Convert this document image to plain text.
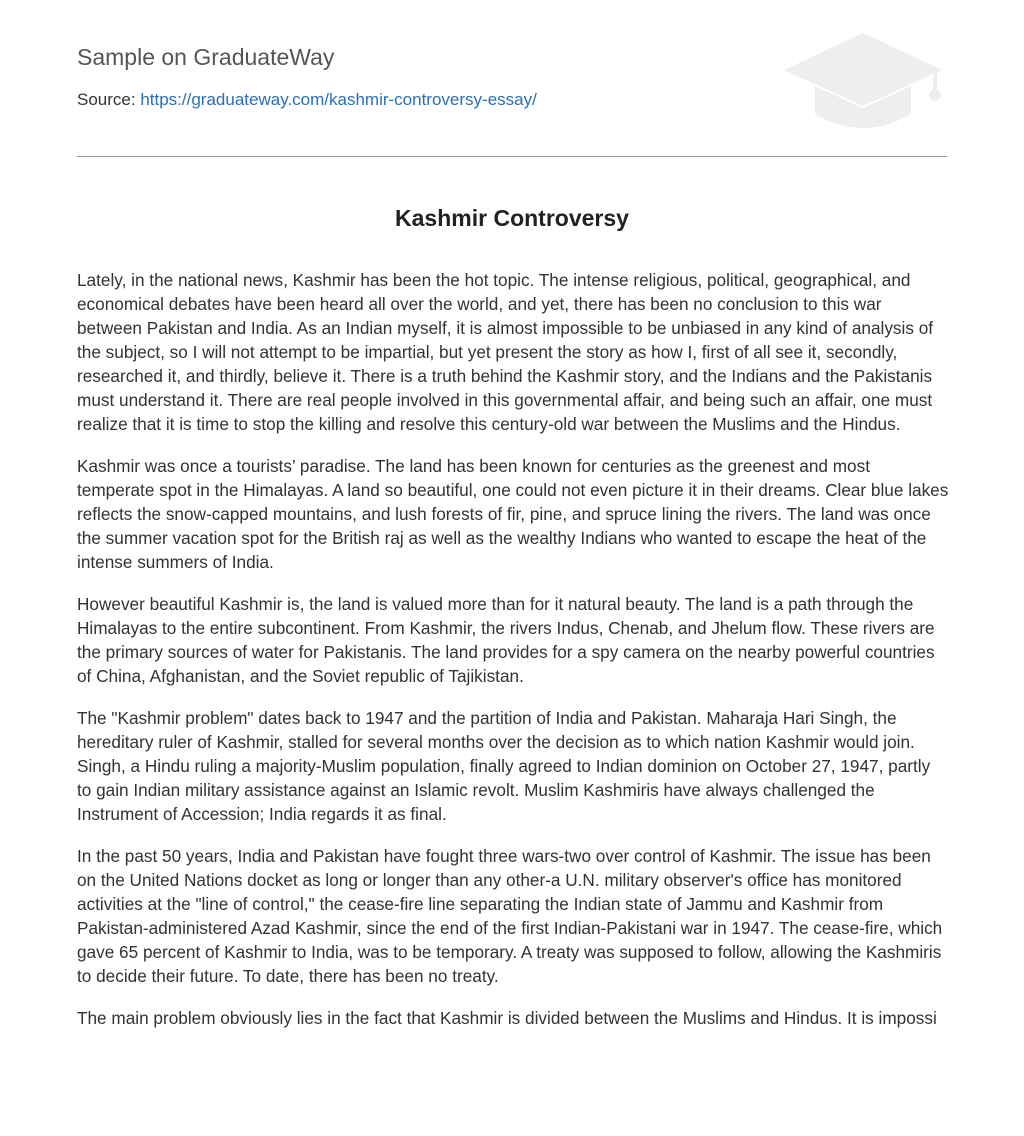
Sample on GraduateWay
Source: https://graduateway.com/kashmir-controversy-essay/
Kashmir Controversy

Lately, in the national news, Kashmir has been the hot topic. The intense religious, political, geographical, and economical debates have been heard all over the world, and yet, there has been no conclusion to this war between Pakistan and India. As an Indian myself, it is almost impossible to be unbiased in any kind of analysis of the subject, so I will not attempt to be impartial, but yet present the story as how I, first of all see it, secondly, researched it, and thirdly, believe it. There is a truth behind the Kashmir story, and the Indians and the Pakistanis must understand it. There are real people involved in this governmental affair, and being such an affair, one must realize that it is time to stop the killing and resolve this century-old war between the Muslims and the Hindus.

Kashmir was once a tourists’ paradise. The land has been known for centuries as the greenest and most temperate spot in the Himalayas. A land so beautiful, one could not even picture it in their dreams. Clear blue lakes reflects the snow-capped mountains, and lush forests of fir, pine, and spruce lining the rivers. The land was once the summer vacation spot for the British raj as well as the wealthy Indians who wanted to escape the heat of the intense summers of India.

However beautiful Kashmir is, the land is valued more than for it natural beauty. The land is a path through the Himalayas to the entire subcontinent. From Kashmir, the rivers Indus, Chenab, and Jhelum flow. These rivers are the primary sources of water for Pakistanis. The land provides for a spy camera on the nearby powerful countries of China, Afghanistan, and the Soviet republic of Tajikistan.

The "Kashmir problem" dates back to 1947 and the partition of India and Pakistan. Maharaja Hari Singh, the hereditary ruler of Kashmir, stalled for several months over the decision as to which nation Kashmir would join. Singh, a Hindu ruling a majority-Muslim population, finally agreed to Indian dominion on October 27, 1947, partly to gain Indian military assistance against an Islamic revolt. Muslim Kashmiris have always challenged the Instrument of Accession; India regards it as final.

In the past 50 years, India and Pakistan have fought three wars-two over control of Kashmir. The issue has been on the United Nations docket as long or longer than any other-a U.N. military observer's office has monitored activities at the "line of control," the cease-fire line separating the Indian state of Jammu and Kashmir from Pakistan-administered Azad Kashmir, since the end of the first Indian-Pakistani war in 1947. The cease-fire, which gave 65 percent of Kashmir to India, was to be temporary. A treaty was supposed to follow, allowing the Kashmiris to decide their future. To date, there has been no treaty.

The main problem obviously lies in the fact that Kashmir is divided between the Muslims and Hindus. It is impossi
